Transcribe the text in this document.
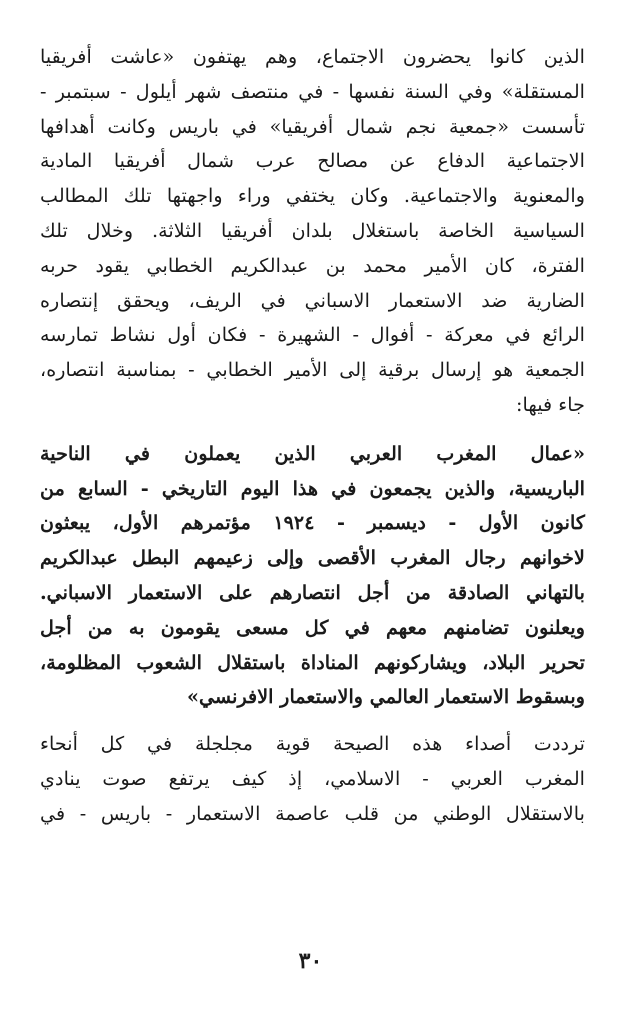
الذين كانوا يحضرون الاجتماع، وهم يهتفون «عاشت أفريقيا
المستقلة» وفي السنة نفسها - في منتصف شهر أيلول - سبتمبر -
تأسست «جمعية نجم شمال أفريقيا» في باريس وكانت أهدافها
الاجتماعية الدفاع عن مصالح عرب شمال أفريقيا المادية
والمعنوية والاجتماعية. وكان يختفي وراء واجهتها تلك المطالب
السياسية الخاصة باستغلال بلدان أفريقيا الثلاثة. وخلال تلك
الفترة، كان الأمير محمد بن عبدالكريم الخطابي يقود حربه
الضارية ضد الاستعمار الاسباني في الريف، ويحقق إنتصاره
الرائع في معركة - أفوال - الشهيرة - فكان أول نشاط تمارسه
الجمعية هو إرسال برقية إلى الأمير الخطابي - بمناسبة انتصاره،
جاء فيها:

«عمال المغرب العربي الذين يعملون في الناحية
الباريسية، والذين يجمعون في هذا اليوم التاريخي - السابع من
كانون الأول - ديسمبر - ١٩٢٤ مؤتمرهم الأول، يبعثون
لاخوانهم رجال المغرب الأقصى وإلى زعيمهم البطل عبدالكريم
بالتهاني الصادقة من أجل انتصارهم على الاستعمار الاسباني.
ويعلنون تضامنهم معهم في كل مسعى يقومون به من أجل
تحرير البلاد، ويشاركونهم المناداة باستقلال الشعوب المظلومة،
وبسقوط الاستعمار العالمي والاستعمار الافرنسي»

ترددت أصداء هذه الصيحة قوية مجلجلة في كل أنحاء
المغرب العربي - الاسلامي، إذ كيف يرتفع صوت ينادي
بالاستقلال الوطني من قلب عاصمة الاستعمار - باريس - في

٣٠
